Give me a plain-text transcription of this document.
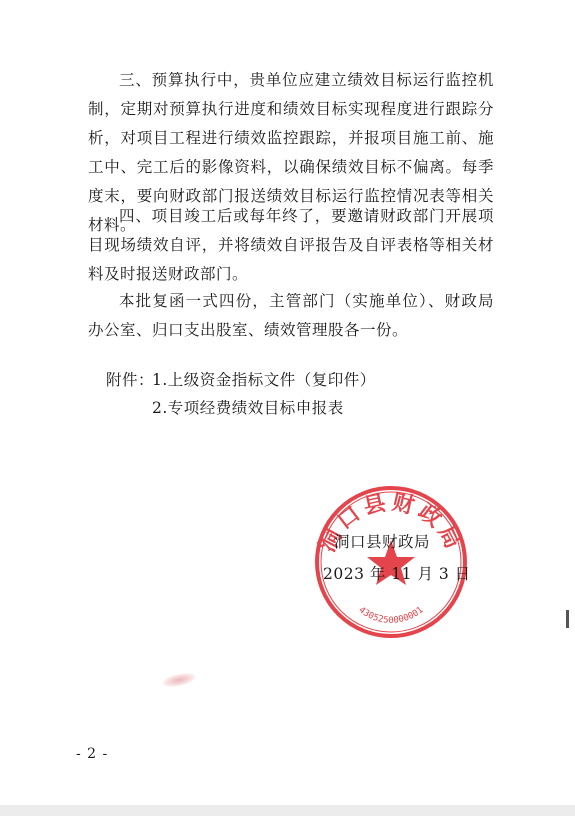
三、预算执行中，贵单位应建立绩效目标运行监控机制，定期对预算执行进度和绩效目标实现程度进行跟踪分析，对项目工程进行绩效监控跟踪，并报项目施工前、施工中、完工后的影像资料，以确保绩效目标不偏离。每季度末，要向财政部门报送绩效目标运行监控情况表等相关材料。

四、项目竣工后或每年终了，要邀请财政部门开展项目现场绩效自评，并将绩效自评报告及自评表格等相关材料及时报送财政部门。

本批复函一式四份，主管部门（实施单位）、财政局办公室、归口支出股室、绩效管理股各一份。

附件：
1.上级资金指标文件（复印件）
2.专项经费绩效目标申报表
洞口县财政局
4305250000001
洞口县财政局
2023 年 11 月 3 日
- 2 -
